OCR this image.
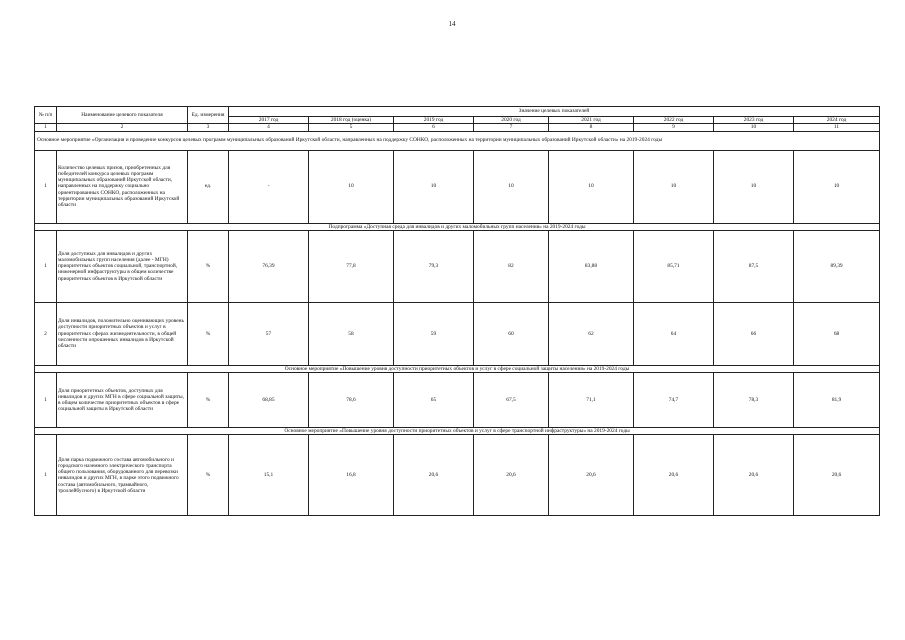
14
№ п/п	Наименование целевого показателя	Ед. измерения	Значение целевых показателей							
			2017 год	2018 год (оценка)	2019 год	2020 год	2021 год	2022 год	2023 год	2024 год
1	2	3	4	5	6	7	8	9	10	11
Основное мероприятие «Организация и проведение конкурсов целевых программ муниципальных образований Иркутской области, направленных на поддержку СОНКО, расположенных на территории муниципальных образований Иркутской области» на 2019-2024 годы										
1	Количество целевых призов, приобретенных для победителей конкурса целевых программ муниципальных образований Иркутской области, направленных на поддержку социально ориентированных СОНКО, расположенных на территории муниципальных образований Иркутской области	ед.	-	10	10	10	10	10	10	10
Подпрограмма «Доступная среда для инвалидов и других маломобильных групп населения» на 2019-2024 годы										
1	Доля доступных для инвалидов и других маломобильных групп населения (далее - МГН) приоритетных объектов социальной, транспортной, инженерной инфраструктуры в общем количестве приоритетных объектов в Иркутской области	%	76,39	77,8	79,3	82	83,88	85,71	87,5	89,39
2	Доля инвалидов, положительно оценивающих уровень доступности приоритетных объектов и услуг в приоритетных сферах жизнедеятельности, в общей численности опрошенных инвалидов в Иркутской области	%	57	58	59	60	62	64	66	68
Основное мероприятие «Повышение уровня доступности приоритетных объектов и услуг в сфере социальной защиты населения» на 2019-2024 годы										
1	Доля приоритетных объектов, доступных для инвалидов и других МГН в сфере социальной защиты, в общем количестве приоритетных объектов в сфере социальной защиты в Иркутской области	%	68,85	78,6	65	67,5	71,1	74,7	78,3	81,9
Основное мероприятие «Повышение уровня доступности приоритетных объектов и услуг в сфере транспортной инфраструктуры» на 2019-2024 годы										
1	Доля парка подвижного состава автомобильного и городского наземного электрического транспорта общего пользования, оборудованного для перевозки инвалидов и других МГН, в парке этого подвижного состава (автомобильного, трамвайного, троллейбусного) в Иркутской области	%	15,1	16,8	20,6	20,6	20,6	20,6	20,6	20,6
